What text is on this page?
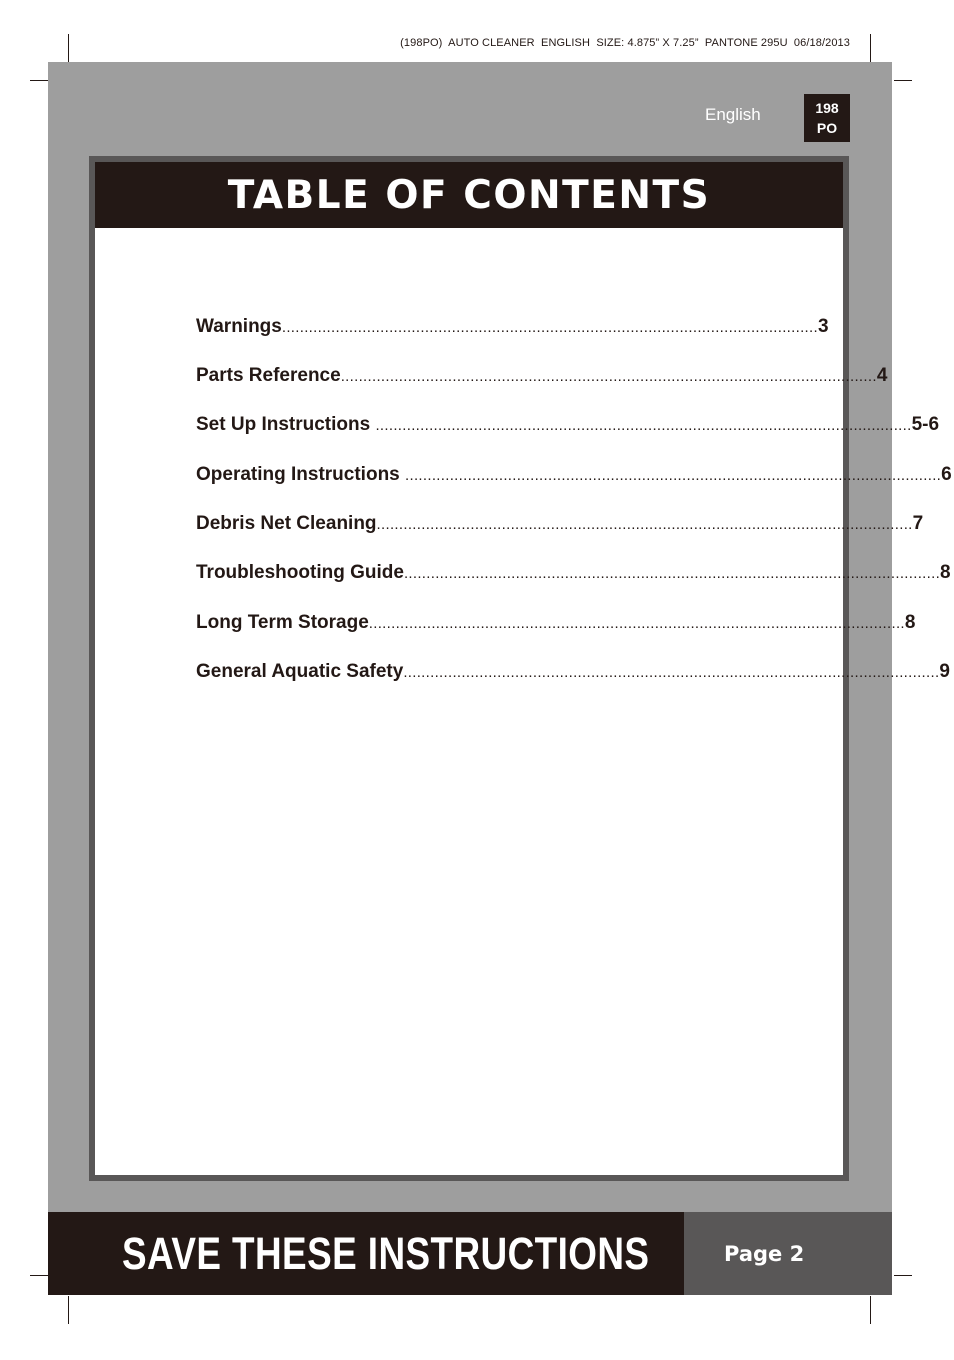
(198PO)  AUTO CLEANER  ENGLISH  SIZE: 4.875” X 7.25”  PANTONE 295U  06/18/2013
English	198
PO
TABLE OF CONTENTS
Warnings ........................................................................................................................ 3
Parts Reference ........................................................................................................................ 4
Set Up Instructions ........................................................................................................................ 5-6
Operating Instructions ........................................................................................................................ 6
Debris Net Cleaning ........................................................................................................................ 7
Troubleshooting Guide ........................................................................................................................ 8
Long Term Storage ........................................................................................................................ 8
General Aquatic Safety ........................................................................................................................ 9
SAVE THESE INSTRUCTIONS	Page 2
